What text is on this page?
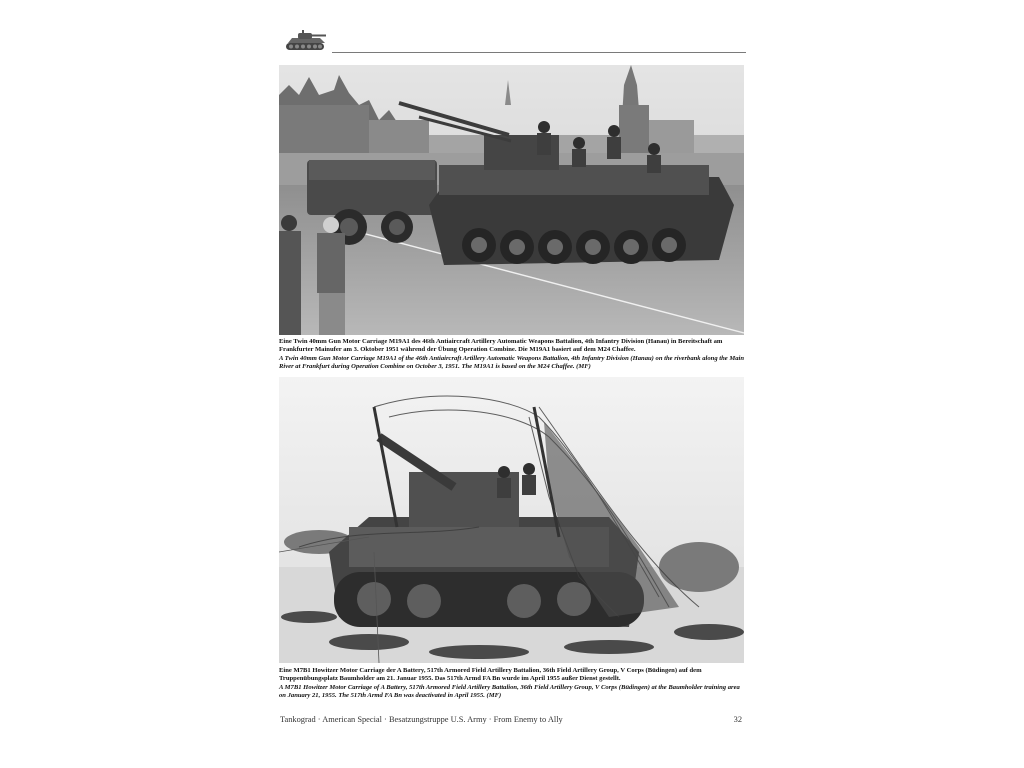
Eine Twin 40mm Gun Motor Carriage M19A1 des 46th Antiaircraft Artillery Automatic Weapons Battalion, 4th Infantry Division (Hanau) in Bereitschaft am Frankfurter Mainufer am 3. Oktober 1951 während der Übung Operation Combine. Die M19A1 basiert auf dem M24 Chaffee.
A Twin 40mm Gun Motor Carriage M19A1 of the 46th Antiaircraft Artillery Automatic Weapons Battalion, 4th Infantry Division (Hanau) on the riverbank along the Main River at Frankfurt during Operation Combine on October 3, 1951. The M19A1 is based on the M24 Chaffee. (MF)
Eine M7B1 Howitzer Motor Carriage der A Battery, 517th Armored Field Artillery Battalion, 36th Field Artillery Group, V Corps (Büdingen) auf dem Truppenübungsplatz Baumholder am 21. Januar 1955. Das 517th Armd FA Bn wurde im April 1955 außer Dienst gestellt.
A M7B1 Howitzer Motor Carriage of A Battery, 517th Armored Field Artillery Battalion, 36th Field Artillery Group, V Corps (Büdingen) at the Baumholder training area on January 21, 1955. The 517th Armd FA Bn was deactivated in April 1955. (MF)
Tankograd · American Special · Besatzungstruppe U.S. Army · From Enemy to Ally	32
